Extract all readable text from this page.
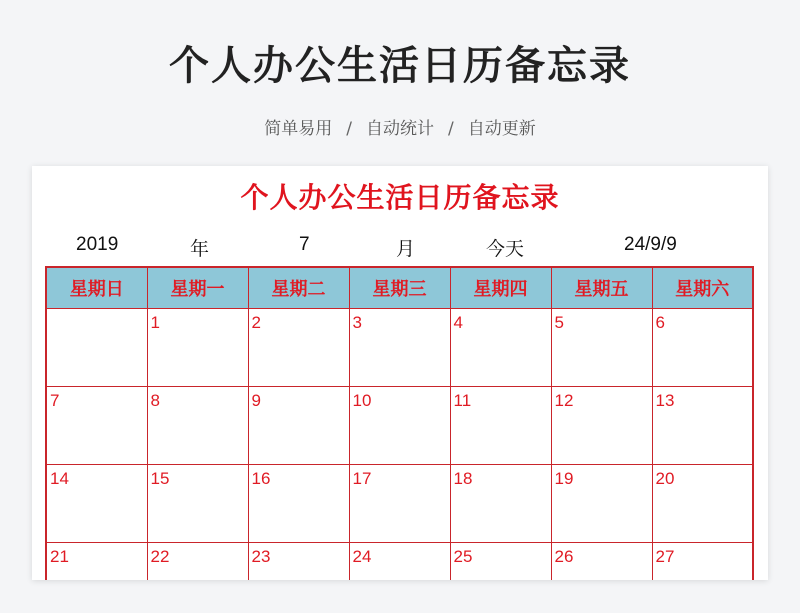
个人办公生活日历备忘录
简单易用 / 自动统计 / 自动更新
个人办公生活日历备忘录
2019	年	7	月	今天	24/9/9
星期日	星期一	星期二	星期三	星期四	星期五	星期六

	1	2	3	4	5	6

7	8	9	10	11	12	13

14	15	16	17	18	19	20

21	22	23	24	25	26	27
